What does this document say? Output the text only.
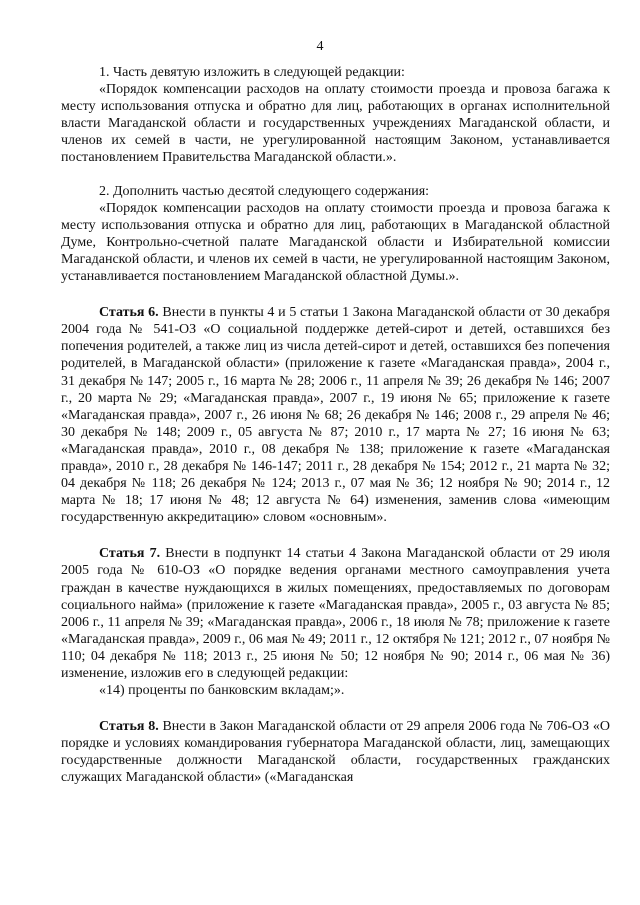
4

1. Часть девятую изложить в следующей редакции:

«Порядок компенсации расходов на оплату стоимости проезда и провоза багажа к месту использования отпуска и обратно для лиц, работающих в органах исполнительной власти Магаданской области и государственных учреждениях Магаданской области, и членов их семей в части, не урегулированной настоящим Законом, устанавливается постановлением Правительства Магаданской области.».

2. Дополнить частью десятой следующего содержания:

«Порядок компенсации расходов на оплату стоимости проезда и провоза багажа к месту использования отпуска и обратно для лиц, работающих в Магаданской областной Думе, Контрольно-счетной палате Магаданской области и Избирательной комиссии Магаданской области, и членов их семей в части, не урегулированной настоящим Законом, устанавливается постановлением Магаданской областной Думы.».

Статья 6. Внести в пункты 4 и 5 статьи 1 Закона Магаданской области от 30 декабря 2004 года № 541-ОЗ «О социальной поддержке детей-сирот и детей, оставшихся без попечения родителей, а также лиц из числа детей-сирот и детей, оставшихся без попечения родителей, в Магаданской области» (приложение к газете «Магаданская правда», 2004 г., 31 декабря № 147; 2005 г., 16 марта № 28; 2006 г., 11 апреля № 39; 26 декабря № 146; 2007 г., 20 марта № 29; «Магаданская правда», 2007 г., 19 июня № 65; приложение к газете «Магаданская правда», 2007 г., 26 июня № 68; 26 декабря № 146; 2008 г., 29 апреля № 46; 30 декабря № 148; 2009 г., 05 августа № 87; 2010 г., 17 марта № 27; 16 июня № 63; «Магаданская правда», 2010 г., 08 декабря № 138; приложение к газете «Магаданская правда», 2010 г., 28 декабря № 146-147; 2011 г., 28 декабря № 154; 2012 г., 21 марта № 32; 04 декабря № 118; 26 декабря № 124; 2013 г., 07 мая № 36; 12 ноября № 90; 2014 г., 12 марта № 18; 17 июня № 48; 12 августа № 64) изменения, заменив слова «имеющим государственную аккредитацию» словом «основным».

Статья 7. Внести в подпункт 14 статьи 4 Закона Магаданской области от 29 июля 2005 года № 610-ОЗ «О порядке ведения органами местного самоуправления учета граждан в качестве нуждающихся в жилых помещениях, предоставляемых по договорам социального найма» (приложение к газете «Магаданская правда», 2005 г., 03 августа № 85; 2006 г., 11 апреля № 39; «Магаданская правда», 2006 г., 18 июля № 78; приложение к газете «Магаданская правда», 2009 г., 06 мая № 49; 2011 г., 12 октября № 121; 2012 г., 07 ноября № 110; 04 декабря № 118; 2013 г., 25 июня № 50; 12 ноября № 90; 2014 г., 06 мая № 36) изменение, изложив его в следующей редакции:

«14) проценты по банковским вкладам;».

Статья 8. Внести в Закон Магаданской области от 29 апреля 2006 года № 706-ОЗ «О порядке и условиях командирования губернатора Магаданской области, лиц, замещающих государственные должности Магаданской области, государственных гражданских служащих Магаданской области» («Магаданская
